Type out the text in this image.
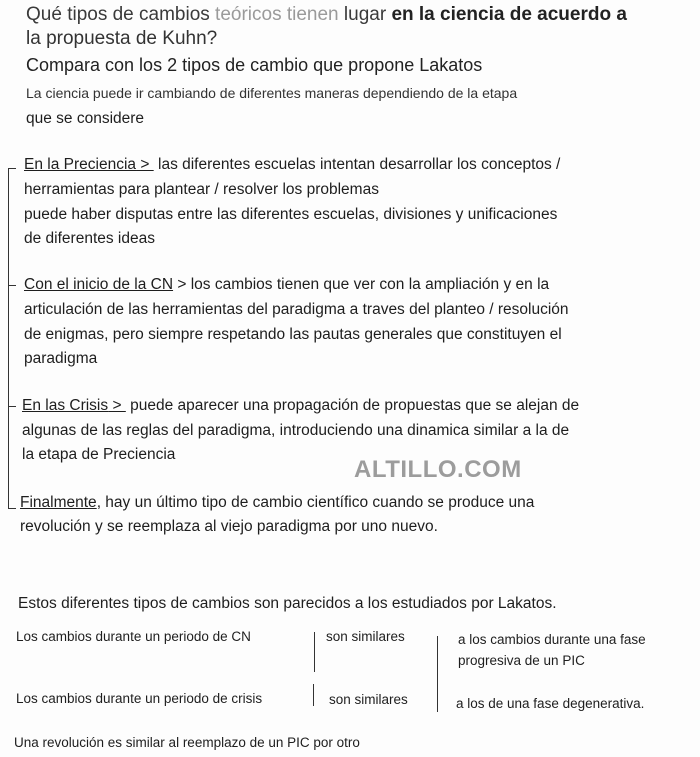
Qué tipos de cambios teóricos tienen lugar en la ciencia de acuerdo a
la propuesta de Kuhn?
Compara con los 2 tipos de cambio que propone Lakatos
La ciencia puede ir cambiando de diferentes maneras dependiendo de la etapa
que se considere
En la Preciencia >  las diferentes escuelas intentan desarrollar los conceptos /
herramientas para plantear / resolver los problemas
puede haber disputas entre las diferentes escuelas, divisiones y unificaciones
de diferentes ideas
Con el inicio de la CN > los cambios tienen que ver con la ampliación y en la
articulación de las herramientas del paradigma a traves del planteo / resolución
de enigmas, pero siempre respetando las pautas generales que constituyen el
paradigma
En las Crisis >  puede aparecer una propagación de propuestas que se alejan de
algunas de las reglas del paradigma, introduciendo una dinamica similar a la de
la etapa de Preciencia
ALTILLO.COM
Finalmente, hay un último tipo de cambio científico cuando se produce una
revolución y se reemplaza al viejo paradigma por uno nuevo.
Estos diferentes tipos de cambios son parecidos a los estudiados por Lakatos.
Los cambios durante un periodo de CN	son similares	a los cambios durante una fase
progresiva de un PIC
Los cambios durante un periodo de crisis	son similares	a los de una fase degenerativa.
Una revolución es similar al reemplazo de un PIC por otro
